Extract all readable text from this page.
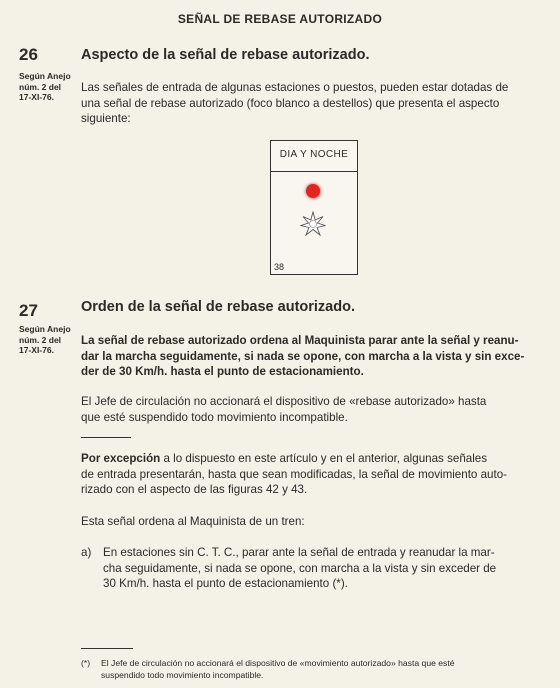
SEÑAL DE REBASE AUTORIZADO
26	Aspecto de la señal de rebase autorizado.
Según Anejo
núm. 2 del
17-XI-76.
Las señales de entrada de algunas estaciones o puestos, pueden estar dotadas de
una señal de rebase autorizado (foco blanco a destellos) que presenta el aspecto
siguiente:
DIA Y NOCHE
38
27	Orden de la señal de rebase autorizado.
Según Anejo
núm. 2 del
17-XI-76.
La señal de rebase autorizado ordena al Maquinista parar ante la señal y reanu-
dar la marcha seguidamente, si nada se opone, con marcha a la vista y sin exce-
der de 30 Km/h. hasta el punto de estacionamiento.
El Jefe de circulación no accionará el dispositivo de «rebase autorizado» hasta
que esté suspendido todo movimiento incompatible.
Por excepción a lo dispuesto en este artículo y en el anterior, algunas señales
de entrada presentarán, hasta que sean modificadas, la señal de movimiento auto-
rizado con el aspecto de las figuras 42 y 43.
Esta señal ordena al Maquinista de un tren:
a)	En estaciones sin C. T. C., parar ante la señal de entrada y reanudar la mar-
cha seguidamente, si nada se opone, con marcha a la vista y sin exceder de
30 Km/h. hasta el punto de estacionamiento (*).
(*) El Jefe de circulación no accionará el dispositivo de «movimiento autorizado» hasta que esté
suspendido todo movimiento incompatible.
